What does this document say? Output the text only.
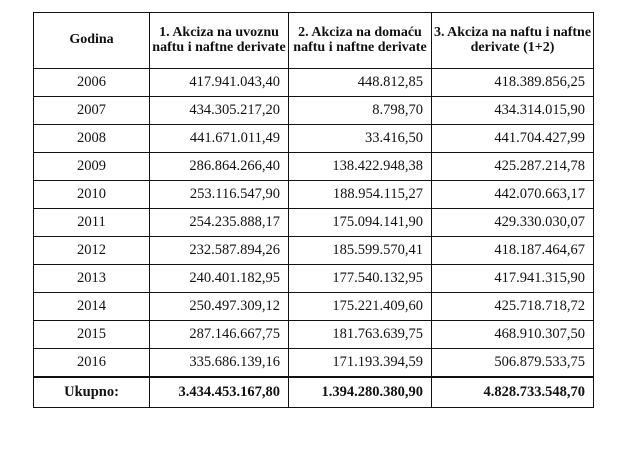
Godina	1. Akciza na uvoznu naftu i naftne derivate	2. Akciza na domaću naftu i naftne derivate	3. Akciza na naftu i naftne derivate (1+2)
2006	417.941.043,40	448.812,85	418.389.856,25
2007	434.305.217,20	8.798,70	434.314.015,90
2008	441.671.011,49	33.416,50	441.704.427,99
2009	286.864.266,40	138.422.948,38	425.287.214,78
2010	253.116.547,90	188.954.115,27	442.070.663,17
2011	254.235.888,17	175.094.141,90	429.330.030,07
2012	232.587.894,26	185.599.570,41	418.187.464,67
2013	240.401.182,95	177.540.132,95	417.941.315,90
2014	250.497.309,12	175.221.409,60	425.718.718,72
2015	287.146.667,75	181.763.639,75	468.910.307,50
2016	335.686.139,16	171.193.394,59	506.879.533,75
Ukupno:	3.434.453.167,80	1.394.280.380,90	4.828.733.548,70
